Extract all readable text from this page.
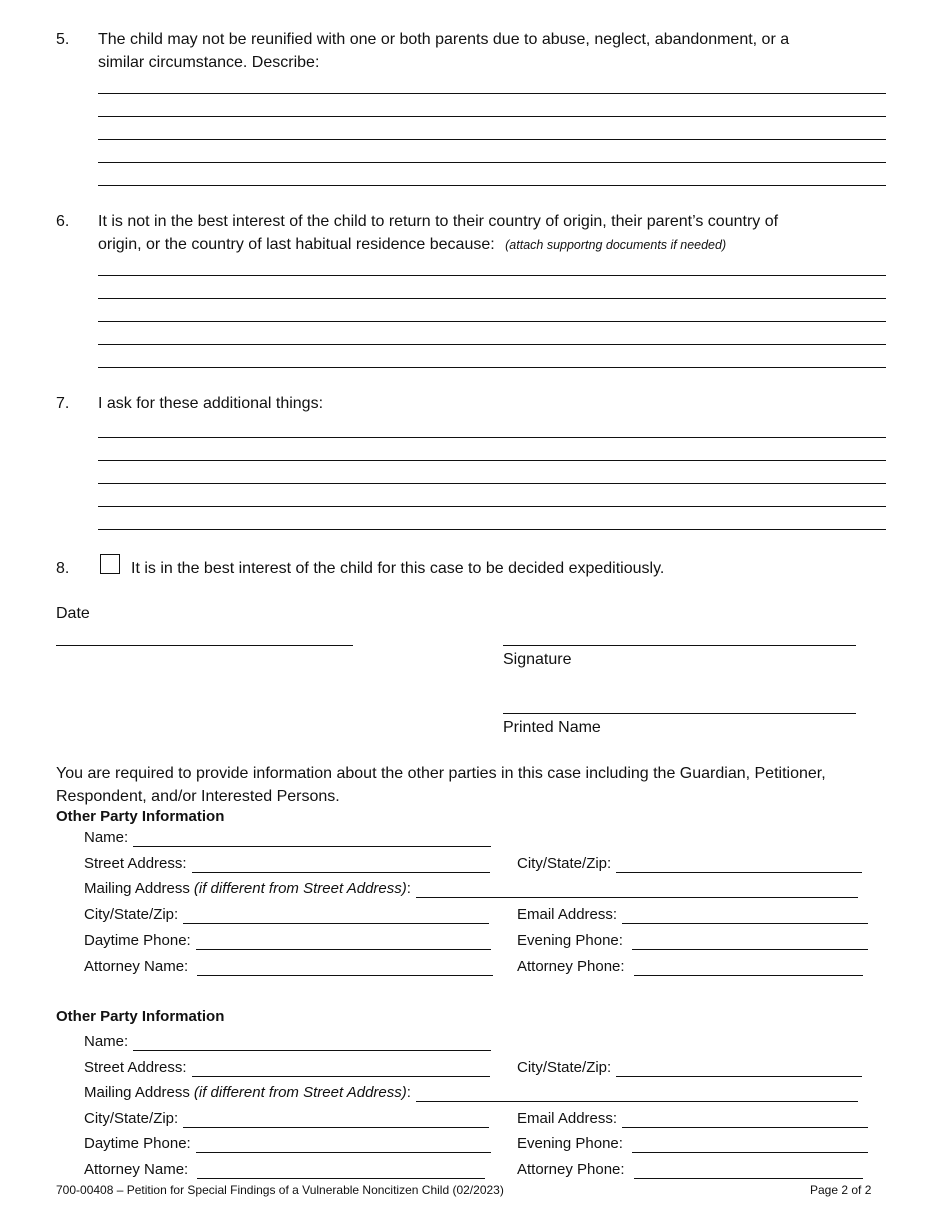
5. The child may not be reunified with one or both parents due to abuse, neglect, abandonment, or a
similar circumstance. Describe:
6. It is not in the best interest of the child to return to their country of origin, their parent’s country of
origin, or the country of last habitual residence because: (attach supportng documents if needed)
7. I ask for these additional things:
8.	It is in the best interest of the child for this case to be decided expeditiously.
Date
Signature
Printed Name
You are required to provide information about the other parties in this case including the Guardian, Petitioner,
Respondent, and/or Interested Persons.
Other Party Information
Name:
Street Address:	City/State/Zip:
Mailing Address (if different from Street Address) :
City/State/Zip:	Email Address:
Daytime Phone:	Evening Phone:
Attorney Name:	Attorney Phone:
Other Party Information
Name:
Street Address:	City/State/Zip:
Mailing Address (if different from Street Address) :
City/State/Zip:	Email Address:
Daytime Phone:	Evening Phone:
Attorney Name:	Attorney Phone:
700-00408 – Petition for Special Findings of a Vulnerable Noncitizen Child (02/2023)	Page 2 of 2
